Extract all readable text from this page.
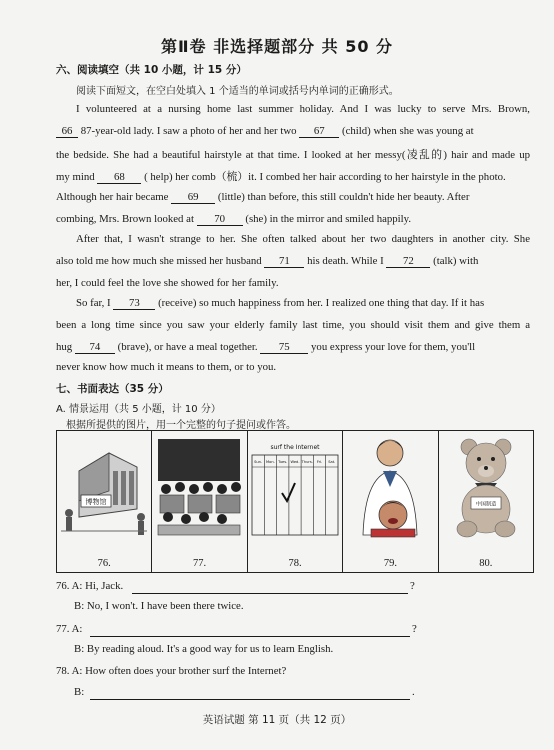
第Ⅱ卷 非选择题部分 共 50 分
六、阅读填空（共 10 小题，计 15 分）
阅读下面短文，在空白处填入 1 个适当的单词或括号内单词的正确形式。
I volunteered at a nursing home last summer holiday. And I was lucky to serve Mrs. Brown,
66 87-year-old lady. I saw a photo of her and her two 67 (child) when she was young at
the bedside. She had a beautiful hairstyle at that time. I looked at her messy(凌乱的) hair and made up
my mind 68 ( help) her comb（梳）it. I combed her hair according to her hairstyle in the photo.
Although her hair became 69 (little) than before, this still couldn't hide her beauty. After
combing, Mrs. Brown looked at 70 (she) in the mirror and smiled happily.
After that, I wasn't strange to her. She often talked about her two daughters in another city. She
also told me how much she missed her husband 71 his death. While I 72 (talk) with
her, I could feel the love she showed for her family.
So far, I 73 (receive) so much happiness from her. I realized one thing that day. If it has
been a long time since you saw your elderly family last time, you should visit them and give them a
hug 74 (brave), or have a meal together. 75 you express your love for them, you'll
never know how much it means to them, or to you.
七、书面表达（35 分）
A. 情景运用（共 5 小题，计 10 分）
根据所提供的图片，用一个完整的句子提问或作答。
博物馆
76.	77.
surf the Internet
Sun. Mon. Tues. Wed. Thurs. Fri. Sat.
78.	79.
中国制造
80.
76. A: Hi, Jack.	?
B: No, I won't. I have been there twice.
77. A:	?
B: By reading aloud. It's a good way for us to learn English.
78. A: How often does your brother surf the Internet?
B:	.
英语试题 第 11 页（共 12 页）
